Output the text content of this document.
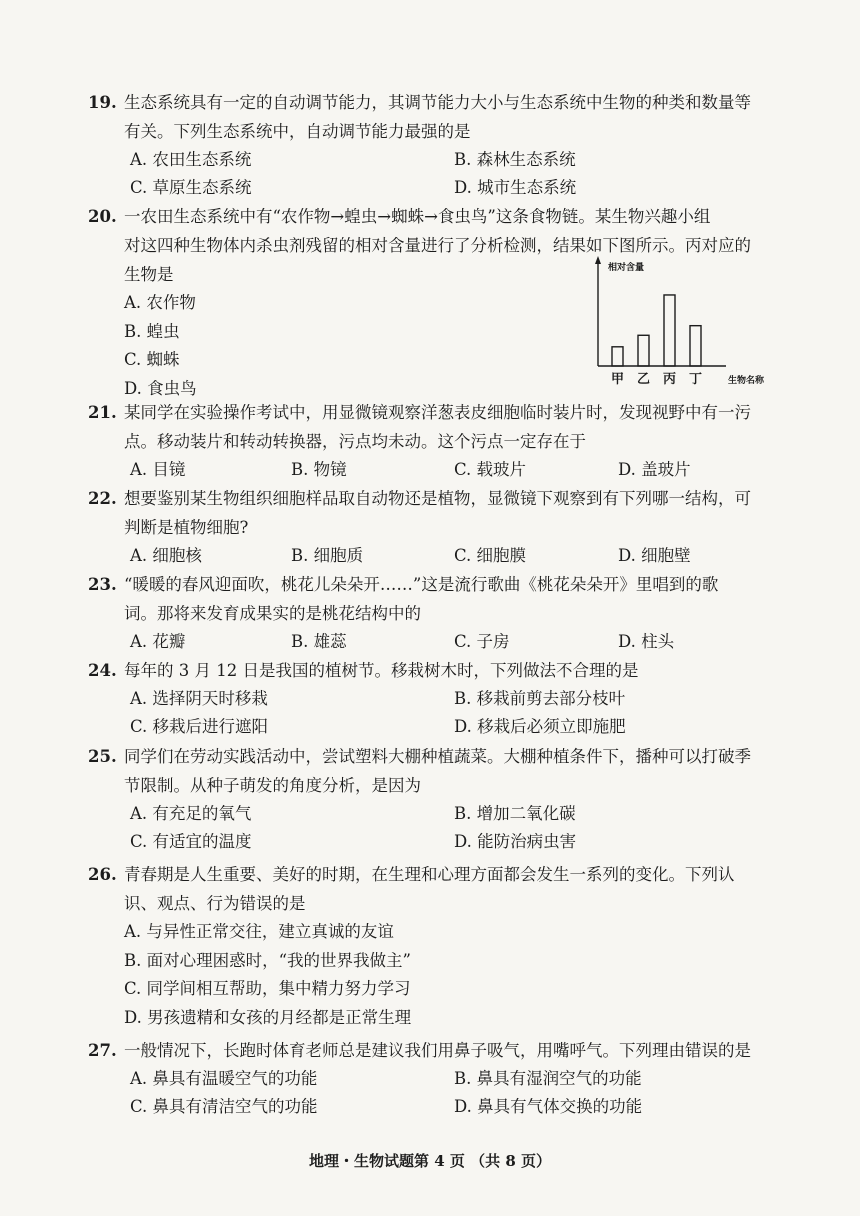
19. 生态系统具有一定的自动调节能力，其调节能力大小与生态系统中生物的种类和数量等
有关。下列生态系统中，自动调节能力最强的是

A. 农田生态系统	B. 森林生态系统
C. 草原生态系统	D. 城市生态系统

20. 一农田生态系统中有“农作物→蝗虫→蜘蛛→食虫鸟”这条食物链。某生物兴趣小组
对这四种生物体内杀虫剂残留的相对含量进行了分析检测，结果如下图所示。丙对应的
生物是

A. 农作物
B. 蝗虫
C. 蜘蛛
D. 食虫鸟
相对含量
甲 乙 丙 丁	生物名称

21. 某同学在实验操作考试中，用显微镜观察洋葱表皮细胞临时装片时，发现视野中有一污
点。移动装片和转动转换器，污点均未动。这个污点一定存在于

A. 目镜	B. 物镜	C. 载玻片	D. 盖玻片

22. 想要鉴别某生物组织细胞样品取自动物还是植物，显微镜下观察到有下列哪一结构，可
判断是植物细胞?

A. 细胞核	B. 细胞质	C. 细胞膜	D. 细胞壁

23. “暖暖的春风迎面吹，桃花儿朵朵开……”这是流行歌曲《桃花朵朵开》里唱到的歌
词。那将来发育成果实的是桃花结构中的

A. 花瓣	B. 雄蕊	C. 子房	D. 柱头

24. 每年的 3 月 12 日是我国的植树节。移栽树木时，下列做法不合理的是

A. 选择阴天时移栽	B. 移栽前剪去部分枝叶
C. 移栽后进行遮阳	D. 移栽后必须立即施肥

25. 同学们在劳动实践活动中，尝试塑料大棚种植蔬菜。大棚种植条件下，播种可以打破季
节限制。从种子萌发的角度分析，是因为

A. 有充足的氧气	B. 增加二氧化碳
C. 有适宜的温度	D. 能防治病虫害

26. 青春期是人生重要、美好的时期，在生理和心理方面都会发生一系列的变化。下列认
识、观点、行为错误的是

A. 与异性正常交往，建立真诚的友谊
B. 面对心理困惑时，“我的世界我做主”
C. 同学间相互帮助，集中精力努力学习
D. 男孩遗精和女孩的月经都是正常生理

27. 一般情况下，长跑时体育老师总是建议我们用鼻子吸气，用嘴呼气。下列理由错误的是

A. 鼻具有温暖空气的功能	B. 鼻具有湿润空气的功能
C. 鼻具有清洁空气的功能	D. 鼻具有气体交换的功能
地理・生物试题第 4 页 （共 8 页）
